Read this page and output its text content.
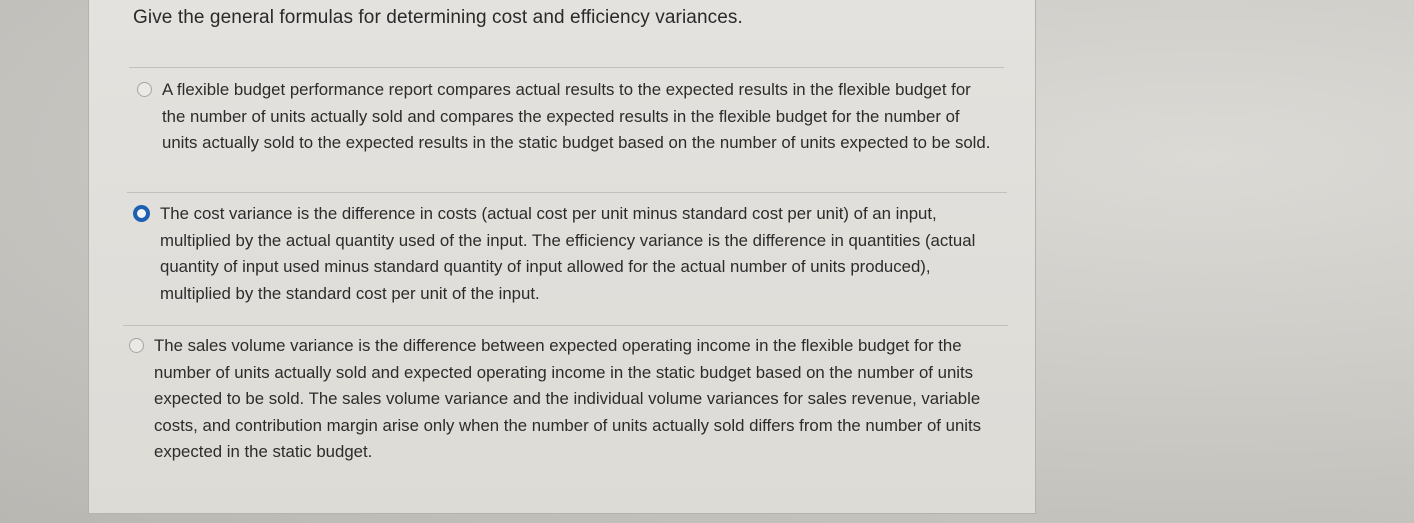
Give the general formulas for determining cost and efficiency variances.
A flexible budget performance report compares actual results to the expected results in the flexible budget for the number of units actually sold and compares the expected results in the flexible budget for the number of units actually sold to the expected results in the static budget based on the number of units expected to be sold.
The cost variance is the difference in costs (actual cost per unit minus standard cost per unit) of an input, multiplied by the actual quantity used of the input. The efficiency variance is the difference in quantities (actual quantity of input used minus standard quantity of input allowed for the actual number of units produced), multiplied by the standard cost per unit of the input.
The sales volume variance is the difference between expected operating income in the flexible budget for the number of units actually sold and expected operating income in the static budget based on the number of units expected to be sold. The sales volume variance and the individual volume variances for sales revenue, variable costs, and contribution margin arise only when the number of units actually sold differs from the number of units expected in the static budget.
